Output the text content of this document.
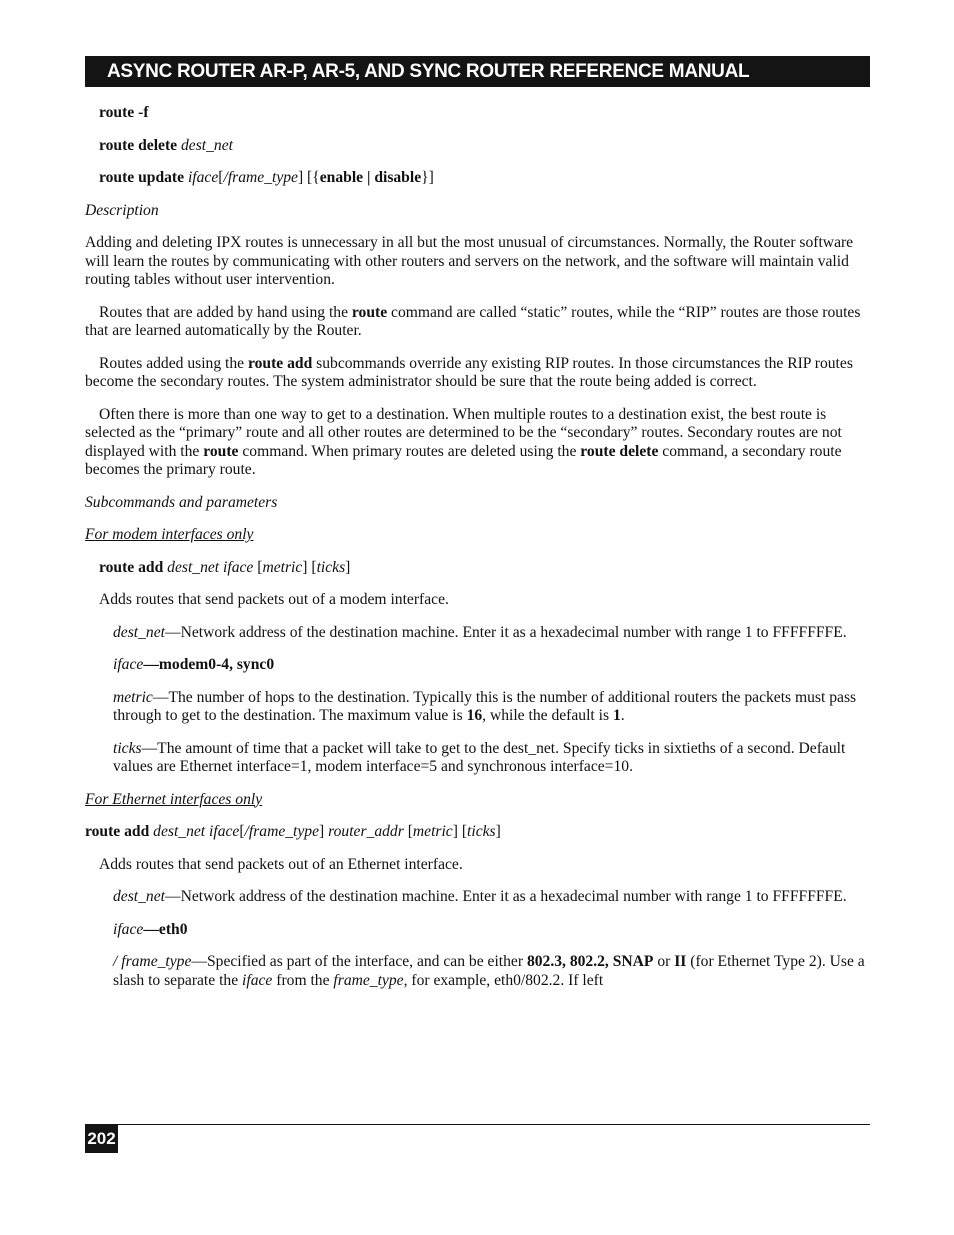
ASYNC ROUTER AR-P, AR-5, AND SYNC ROUTER REFERENCE MANUAL

route -f

route delete dest_net

route update iface[/frame_type] [{enable | disable}]

Description

Adding and deleting IPX routes is unnecessary in all but the most unusual of circumstances. Normally, the Router software will learn the routes by communicating with other routers and servers on the network, and the software will maintain valid routing tables without user intervention.

Routes that are added by hand using the route command are called “static” routes, while the “RIP” routes are those routes that are learned automatically by the Router.

Routes added using the route add subcommands override any existing RIP routes. In those circumstances the RIP routes become the secondary routes. The system administrator should be sure that the route being added is correct.

Often there is more than one way to get to a destination. When multiple routes to a destination exist, the best route is selected as the “primary” route and all other routes are determined to be the “secondary” routes. Secondary routes are not displayed with the route command. When primary routes are deleted using the route delete command, a secondary route becomes the primary route.

Subcommands and parameters

For modem interfaces only

route add dest_net iface [metric] [ticks]

Adds routes that send packets out of a modem interface.

dest_net—Network address of the destination machine. Enter it as a hexadecimal number with range 1 to FFFFFFFE.

iface—modem0-4, sync0

metric—The number of hops to the destination. Typically this is the number of additional routers the packets must pass through to get to the destination. The maximum value is 16, while the default is 1.

ticks—The amount of time that a packet will take to get to the dest_net. Specify ticks in sixtieths of a second. Default values are Ethernet interface=1, modem interface=5 and synchronous interface=10.

For Ethernet interfaces only

route add dest_net iface[/frame_type] router_addr [metric] [ticks]

Adds routes that send packets out of an Ethernet interface.

dest_net—Network address of the destination machine. Enter it as a hexadecimal number with range 1 to FFFFFFFE.

iface—eth0

/ frame_type—Specified as part of the interface, and can be either 802.3, 802.2, SNAP or II (for Ethernet Type 2). Use a slash to separate the iface from the frame_type, for example, eth0/802.2. If left

202
